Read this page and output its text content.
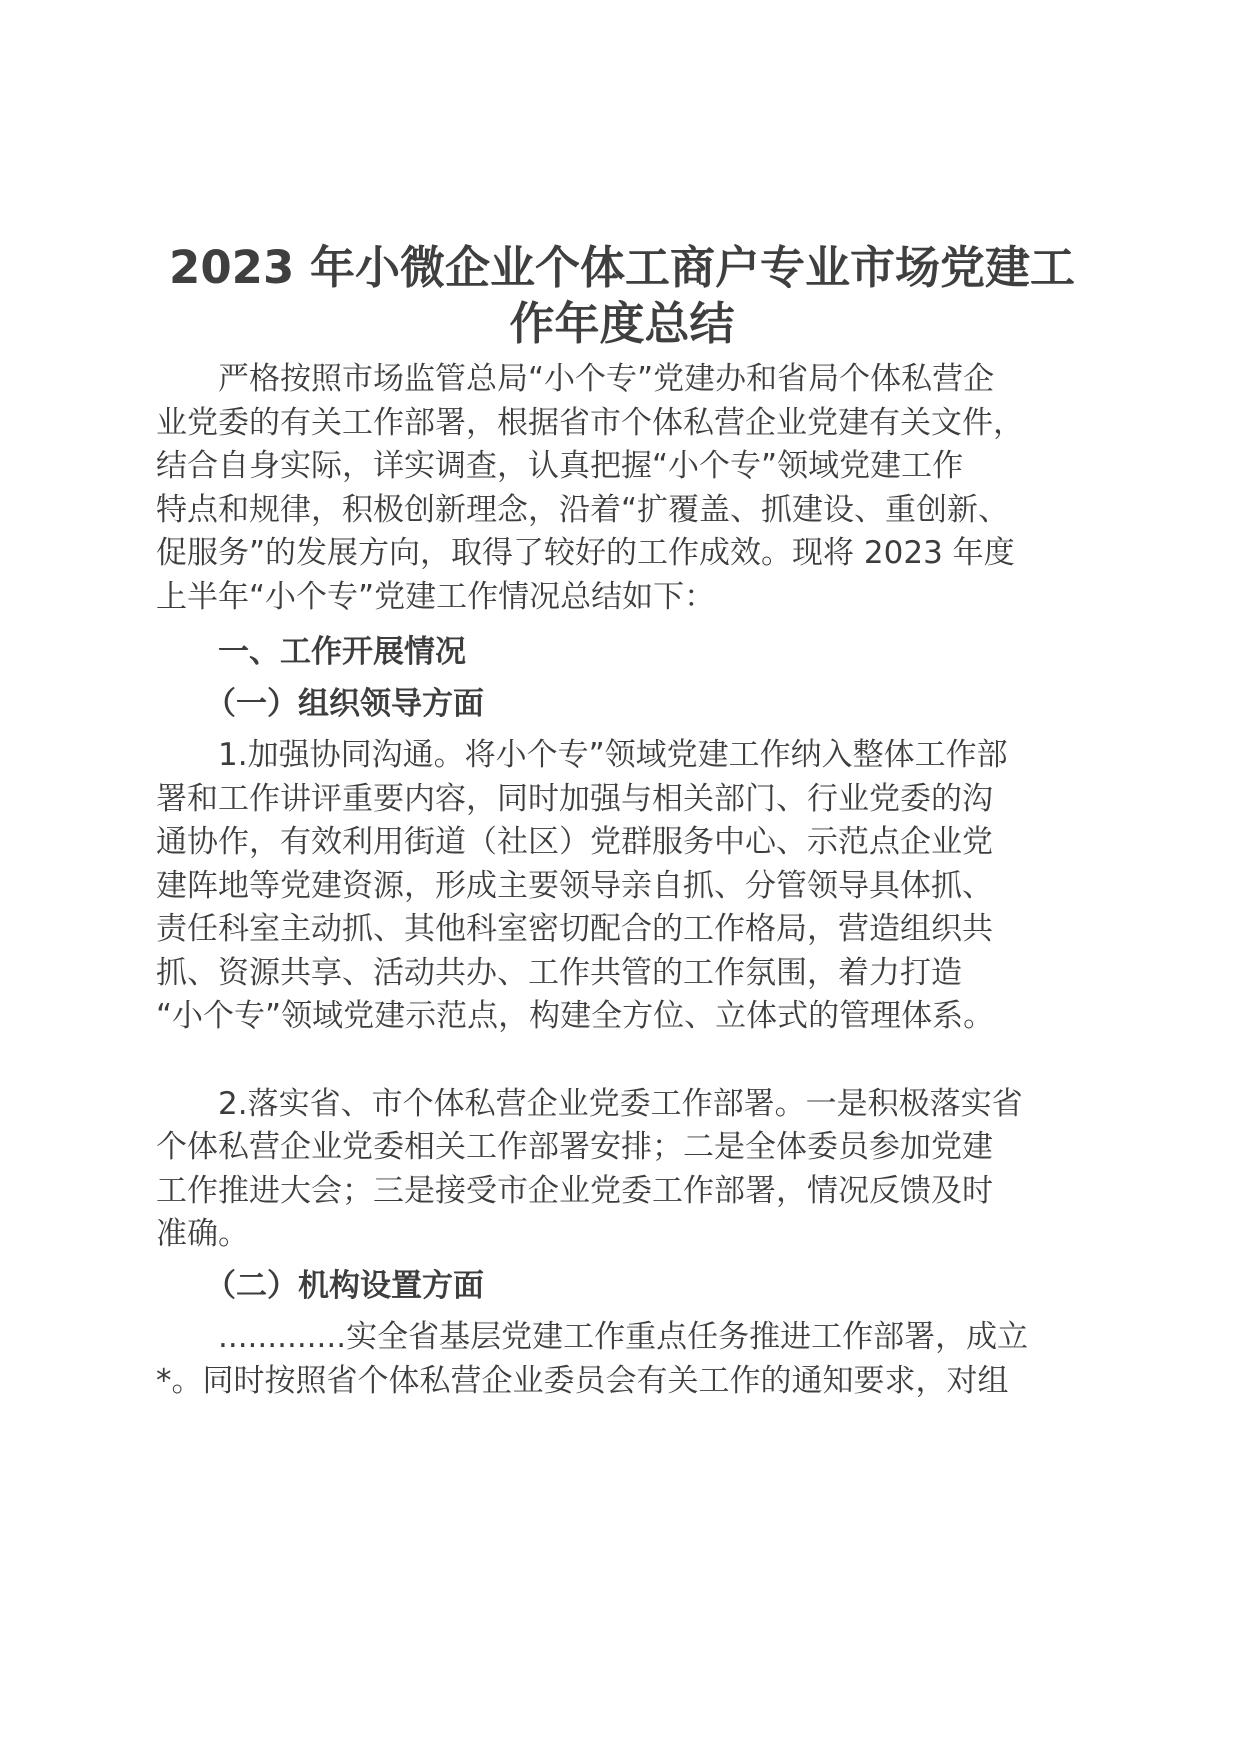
2023 年小微企业个体工商户专业市场党建工
作年度总结

严格按照市场监管总局“小个专”党建办和省局个体私营企
业党委的有关工作部署，根据省市个体私营企业党建有关文件，
结合自身实际，详实调查，认真把握“小个专”领域党建工作
特点和规律，积极创新理念，沿着“扩覆盖、抓建设、重创新、
促服务”的发展方向，取得了较好的工作成效。现将 2023 年度
上半年“小个专”党建工作情况总结如下：

一、工作开展情况
（一）组织领导方面

1.加强协同沟通。将小个专”领域党建工作纳入整体工作部
署和工作讲评重要内容，同时加强与相关部门、行业党委的沟
通协作，有效利用街道（社区）党群服务中心、示范点企业党
建阵地等党建资源，形成主要领导亲自抓、分管领导具体抓、
责任科室主动抓、其他科室密切配合的工作格局，营造组织共
抓、资源共享、活动共办、工作共管的工作氛围，着力打造
“小个专”领域党建示范点，构建全方位、立体式的管理体系。

2.落实省、市个体私营企业党委工作部署。一是积极落实省
个体私营企业党委相关工作部署安排；二是全体委员参加党建
工作推进大会；三是接受市企业党委工作部署，情况反馈及时
准确。

（二）机构设置方面

.............实全省基层党建工作重点任务推进工作部署，成立
*。同时按照省个体私营企业委员会有关工作的通知要求，对组
